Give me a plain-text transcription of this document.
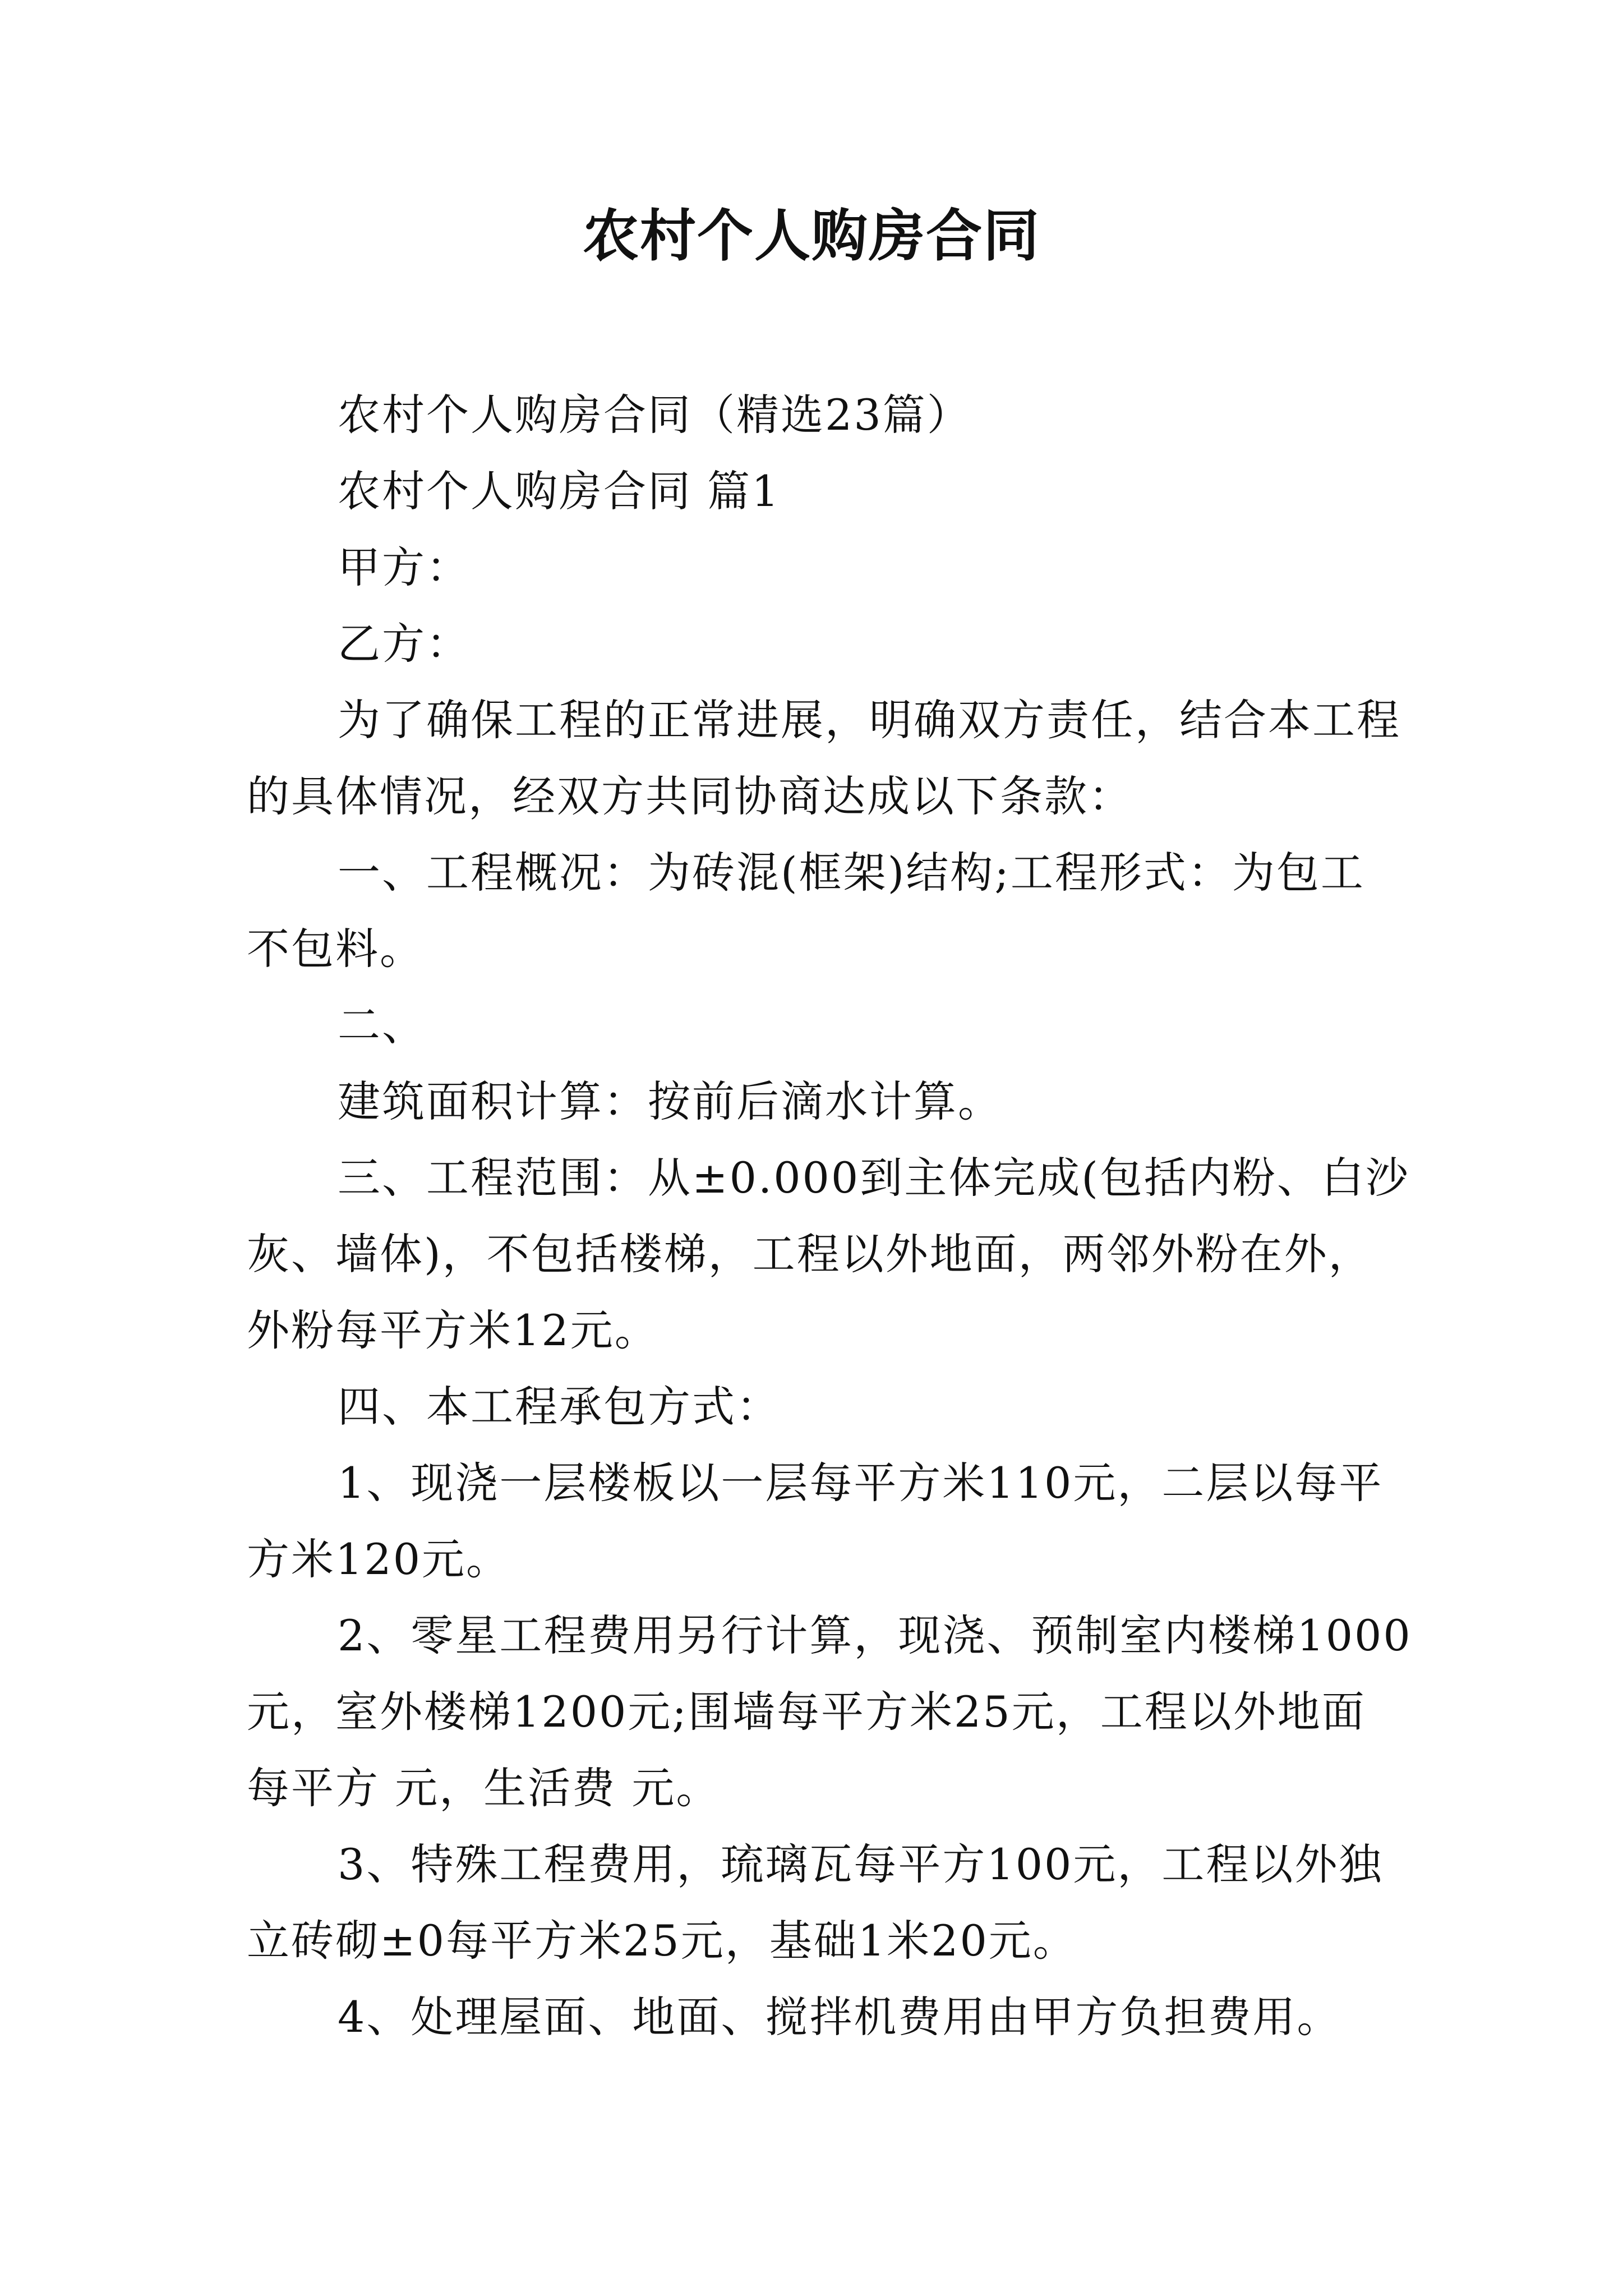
农村个人购房合同
农村个人购房合同（精选23篇）
农村个人购房合同 篇1
甲方：
乙方：
为了确保工程的正常进展，明确双方责任，结合本工程
的具体情况，经双方共同协商达成以下条款：
一、工程概况：为砖混(框架)结构;工程形式：为包工
不包料。
二、
建筑面积计算：按前后滴水计算。
三、工程范围：从±0.000到主体完成(包括内粉、白沙
灰、墙体)，不包括楼梯，工程以外地面，两邻外粉在外，
外粉每平方米12元。
四、本工程承包方式：
1、现浇一层楼板以一层每平方米110元，二层以每平
方米120元。
2、零星工程费用另行计算，现浇、预制室内楼梯1000
元，室外楼梯1200元;围墙每平方米25元，工程以外地面
每平方 元，生活费 元。
3、特殊工程费用，琉璃瓦每平方100元，工程以外独
立砖砌±0每平方米25元，基础1米20元。
4、处理屋面、地面、搅拌机费用由甲方负担费用。
